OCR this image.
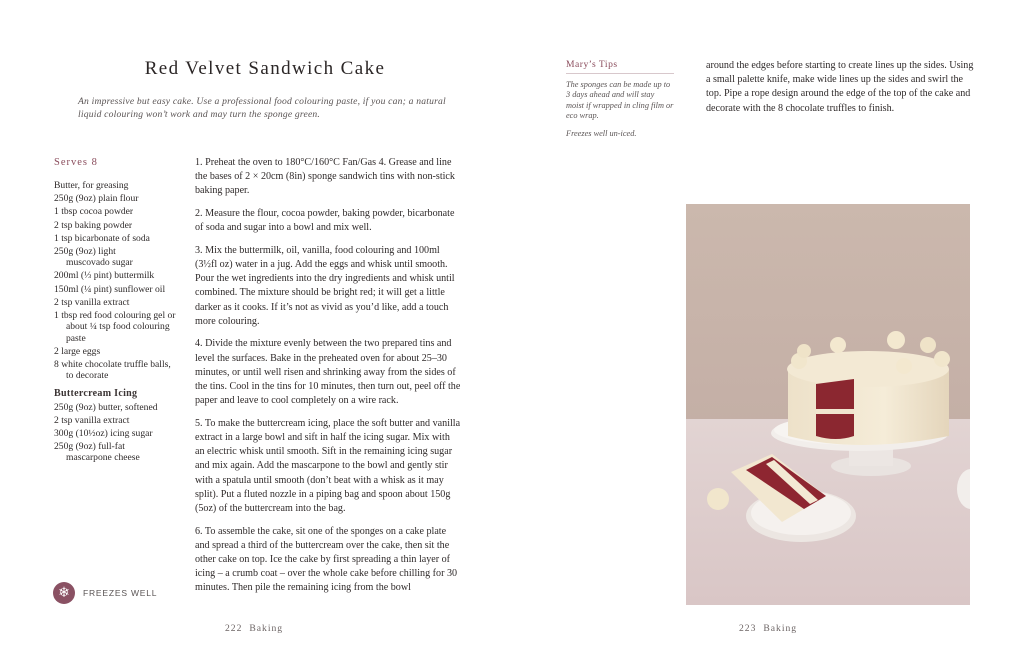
Red Velvet Sandwich Cake
An impressive but easy cake. Use a professional food colouring paste, if you can; a natural liquid colouring won’t work and may turn the sponge green.
Serves 8
Butter, for greasing
250g (9oz) plain flour
1 tbsp cocoa powder
2 tsp baking powder
1 tsp bicarbonate of soda
250g (9oz) light muscovado sugar
200ml (⅓ pint) buttermilk
150ml (¼ pint) sunflower oil
2 tsp vanilla extract
1 tbsp red food colouring gel or about ¼ tsp food colouring paste
2 large eggs
8 white chocolate truffle balls, to decorate
Buttercream Icing
250g (9oz) butter, softened
2 tsp vanilla extract
300g (10½oz) icing sugar
250g (9oz) full-fat mascarpone cheese

1. Preheat the oven to 180°C/160°C Fan/Gas 4. Grease and line the bases of 2 × 20cm (8in) sponge sandwich tins with non-stick baking paper.

2. Measure the flour, cocoa powder, baking powder, bicarbonate of soda and sugar into a bowl and mix well.

3. Mix the buttermilk, oil, vanilla, food colouring and 100ml (3½fl oz) water in a jug. Add the eggs and whisk until smooth. Pour the wet ingredients into the dry ingredients and whisk until combined. The mixture should be bright red; it will get a little darker as it cooks. If it’s not as vivid as you’d like, add a touch more colouring.

4. Divide the mixture evenly between the two prepared tins and level the surfaces. Bake in the preheated oven for about 25–30 minutes, or until well risen and shrinking away from the sides of the tins. Cool in the tins for 10 minutes, then turn out, peel off the paper and leave to cool completely on a wire rack.

5. To make the buttercream icing, place the soft butter and vanilla extract in a large bowl and sift in half the icing sugar. Mix with an electric whisk until smooth. Sift in the remaining icing sugar and mix again. Add the mascarpone to the bowl and gently stir with a spatula until smooth (don’t beat with a whisk as it may split). Put a fluted nozzle in a piping bag and spoon about 150g (5oz) of the buttercream into the bag.

6. To assemble the cake, sit one of the sponges on a cake plate and spread a third of the buttercream over the cake, then sit the other cake on top. Ice the cake by first spreading a thin layer of icing – a crumb coat – over the whole cake before chilling for 30 minutes. Then pile the remaining icing from the bowl

❄	FREEZES WELL
222 Baking
Mary’s Tips

The sponges can be made up to 3 days ahead and will stay moist if wrapped in cling film or eco wrap.

Freezes well un-iced.

around the edges before starting to create lines up the sides. Using a small palette knife, make wide lines up the sides and swirl the top. Pipe a rope design around the edge of the top of the cake and decorate with the 8 chocolate truffles to finish.

223 Baking
